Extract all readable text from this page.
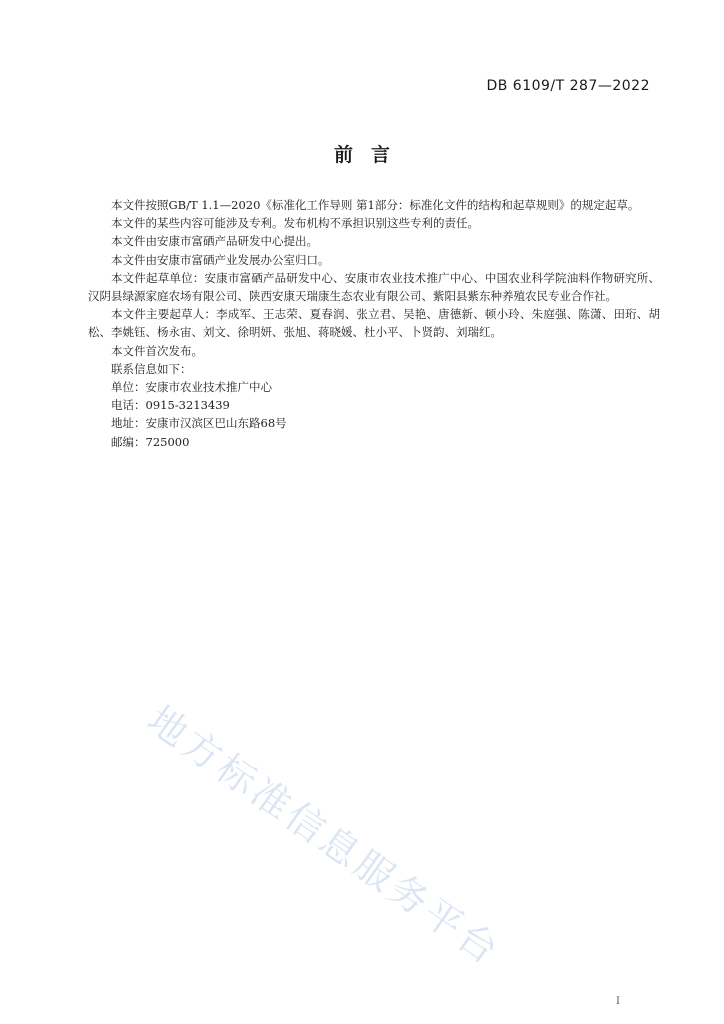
DB 6109/T 287—2022
前言

本文件按照GB/T 1.1—2020《标准化工作导则 第1部分：标准化文件的结构和起草规则》的规定起草。

本文件的某些内容可能涉及专利。发布机构不承担识别这些专利的责任。

本文件由安康市富硒产品研发中心提出。

本文件由安康市富硒产业发展办公室归口。

本文件起草单位：安康市富硒产品研发中心、安康市农业技术推广中心、中国农业科学院油料作物研究所、汉阴县绿源家庭农场有限公司、陕西安康天瑞康生态农业有限公司、紫阳县紫东种养殖农民专业合作社。

本文件主要起草人：李成军、王志荣、夏春润、张立君、吴艳、唐德新、顿小玲、朱庭强、陈潇、田珩、胡松、李姚钰、杨永宙、刘文、徐明妍、张旭、蒋晓媛、杜小平、卜贤韵、刘瑞红。

本文件首次发布。

联系信息如下：

单位：安康市农业技术推广中心

电话：0915-3213439

地址：安康市汉滨区巴山东路68号

邮编：725000

地方标准信息服务平台
I
